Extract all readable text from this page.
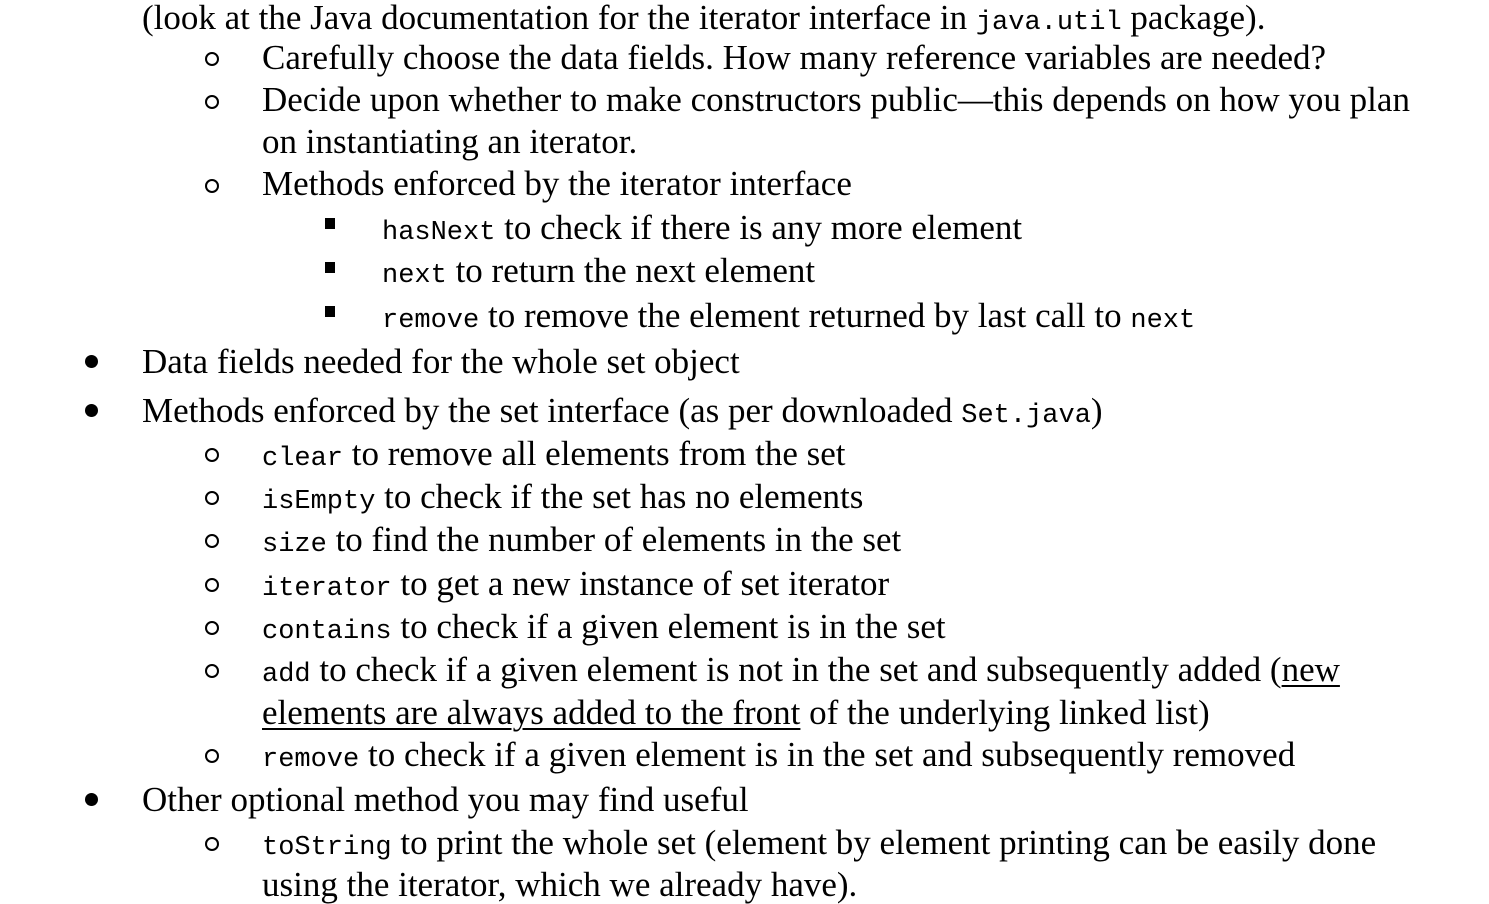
(look at the Java documentation for the iterator interface in java.util package).
Carefully choose the data fields. How many reference variables are needed?
Decide upon whether to make constructors public—this depends on how you plan
on instantiating an iterator.
Methods enforced by the iterator interface
hasNext to check if there is any more element
next to return the next element
remove to remove the element returned by last call to next
Data fields needed for the whole set object
Methods enforced by the set interface (as per downloaded Set.java)
clear to remove all elements from the set
isEmpty to check if the set has no elements
size to find the number of elements in the set
iterator to get a new instance of set iterator
contains to check if a given element is in the set
add to check if a given element is not in the set and subsequently added (new
elements are always added to the front of the underlying linked list)
remove to check if a given element is in the set and subsequently removed
Other optional method you may find useful
toString to print the whole set (element by element printing can be easily done
using the iterator, which we already have).
